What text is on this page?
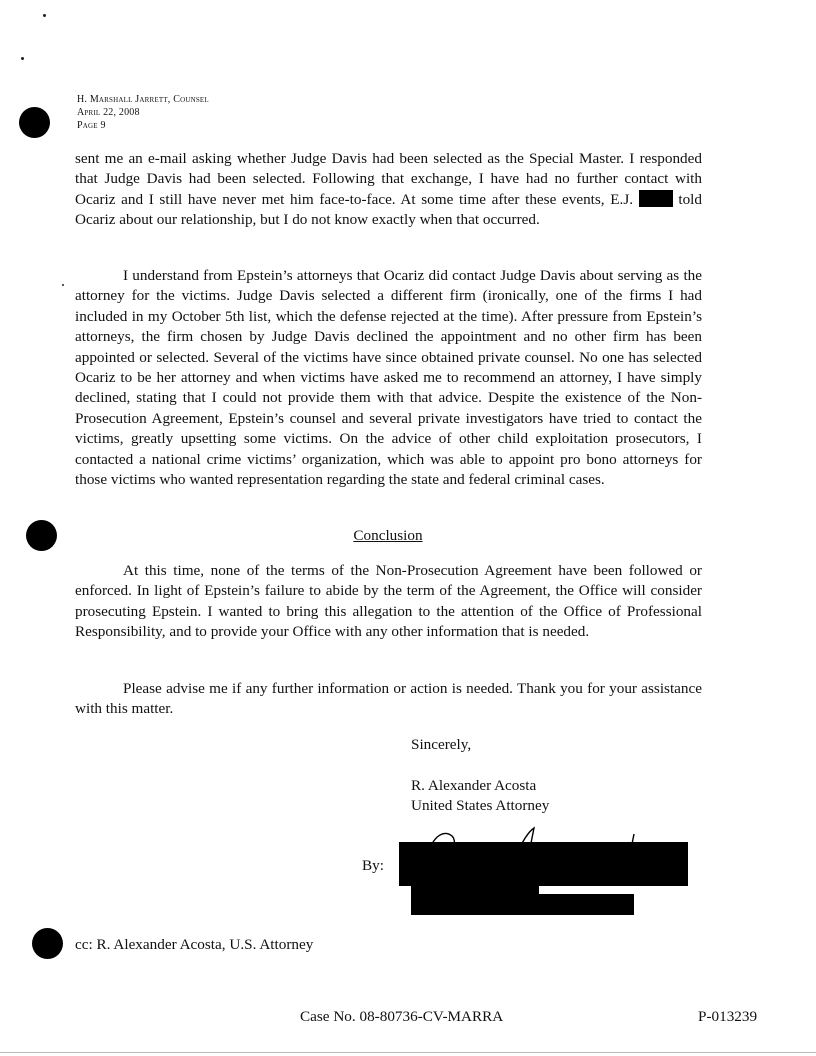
H. Marshall Jarrett, Counsel
April 22, 2008
Page 9
sent me an e-mail asking whether Judge Davis had been selected as the Special Master. I responded that Judge Davis had been selected. Following that exchange, I have had no further contact with Ocariz and I still have never met him face-to-face. At some time after these events, E.J.  told Ocariz about our relationship, but I do not know exactly when that occurred.
I understand from Epstein’s attorneys that Ocariz did contact Judge Davis about serving as the attorney for the victims. Judge Davis selected a different firm (ironically, one of the firms I had included in my October 5th list, which the defense rejected at the time). After pressure from Epstein’s attorneys, the firm chosen by Judge Davis declined the appointment and no other firm has been appointed or selected. Several of the victims have since obtained private counsel. No one has selected Ocariz to be her attorney and when victims have asked me to recommend an attorney, I have simply declined, stating that I could not provide them with that advice. Despite the existence of the Non-Prosecution Agreement, Epstein’s counsel and several private investigators have tried to contact the victims, greatly upsetting some victims. On the advice of other child exploitation prosecutors, I contacted a national crime victims’ organization, which was able to appoint pro bono attorneys for those victims who wanted representation regarding the state and federal criminal cases.
Conclusion
At this time, none of the terms of the Non-Prosecution Agreement have been followed or enforced. In light of Epstein’s failure to abide by the term of the Agreement, the Office will consider prosecuting Epstein. I wanted to bring this allegation to the attention of the Office of Professional Responsibility, and to provide your Office with any other information that is needed.
Please advise me if any further information or action is needed. Thank you for your assistance with this matter.
Sincerely,
R. Alexander Acosta
United States Attorney
By:
cc: R. Alexander Acosta, U.S. Attorney
Case No. 08-80736-CV-MARRA	P-013239
